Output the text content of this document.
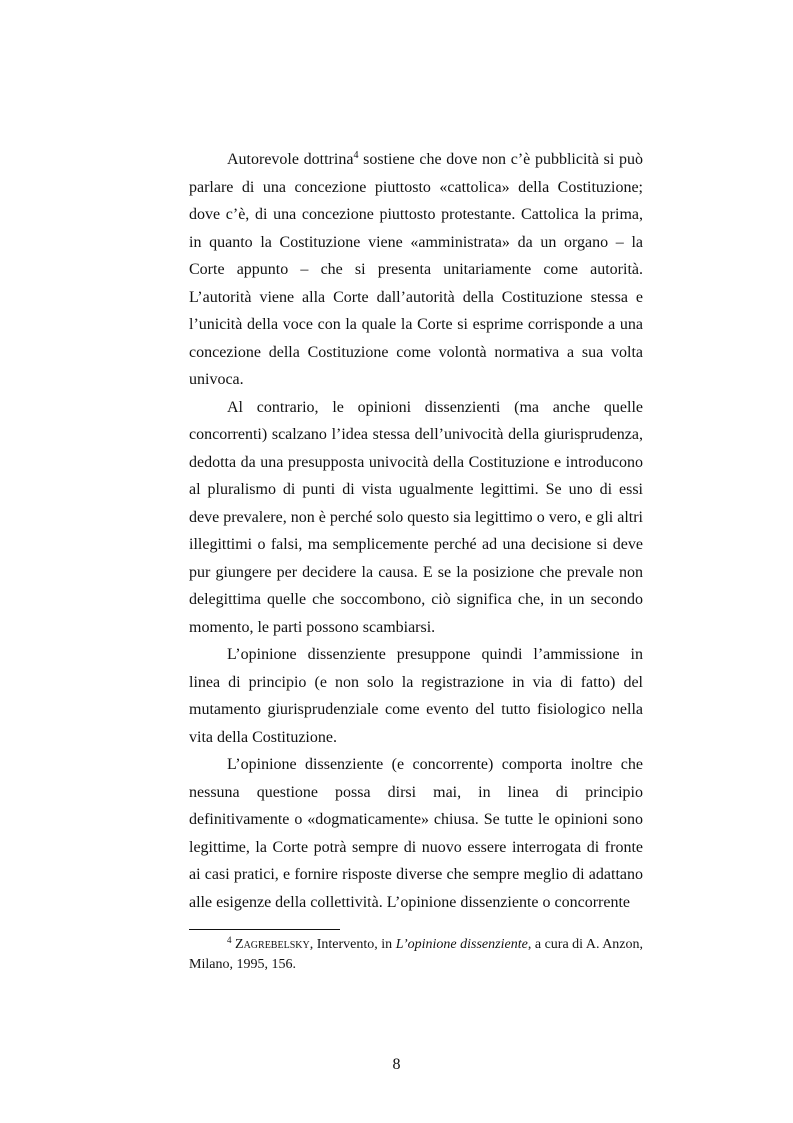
Autorevole dottrina$^4$ sostiene che dove non c’è pubblicità si può parlare di una concezione piuttosto «cattolica» della Costituzione; dove c’è, di una concezione piuttosto protestante. Cattolica la prima, in quanto la Costituzione viene «amministrata» da un organo – la Corte appunto – che si presenta unitariamente come autorità. L’autorità viene alla Corte dall’autorità della Costituzione stessa e l’unicità della voce con la quale la Corte si esprime corrisponde a una concezione della Costituzione come volontà normativa a sua volta univoca.

Al contrario, le opinioni dissenzienti (ma anche quelle concorrenti) scalzano l’idea stessa dell’univocità della giurisprudenza, dedotta da una presupposta univocità della Costituzione e introducono al pluralismo di punti di vista ugualmente legittimi. Se uno di essi deve prevalere, non è perché solo questo sia legittimo o vero, e gli altri illegittimi o falsi, ma semplicemente perché ad una decisione si deve pur giungere per decidere la causa. E se la posizione che prevale non delegittima quelle che soccombono, ciò significa che, in un secondo momento, le parti possono scambiarsi.

L’opinione dissenziente presuppone quindi l’ammissione in linea di principio (e non solo la registrazione in via di fatto) del mutamento giurisprudenziale come evento del tutto fisiologico nella vita della Costituzione.

L’opinione dissenziente (e concorrente) comporta inoltre che nessuna questione possa dirsi mai, in linea di principio definitivamente o «dogmaticamente» chiusa. Se tutte le opinioni sono legittime, la Corte potrà sempre di nuovo essere interrogata di fronte ai casi pratici, e fornire risposte diverse che sempre meglio di adattano alle esigenze della collettività. L’opinione dissenziente o concorrente

$^4$ Zagrebelsky, Intervento, in L’opinione dissenziente, a cura di A. Anzon, Milano, 1995, 156.

8
